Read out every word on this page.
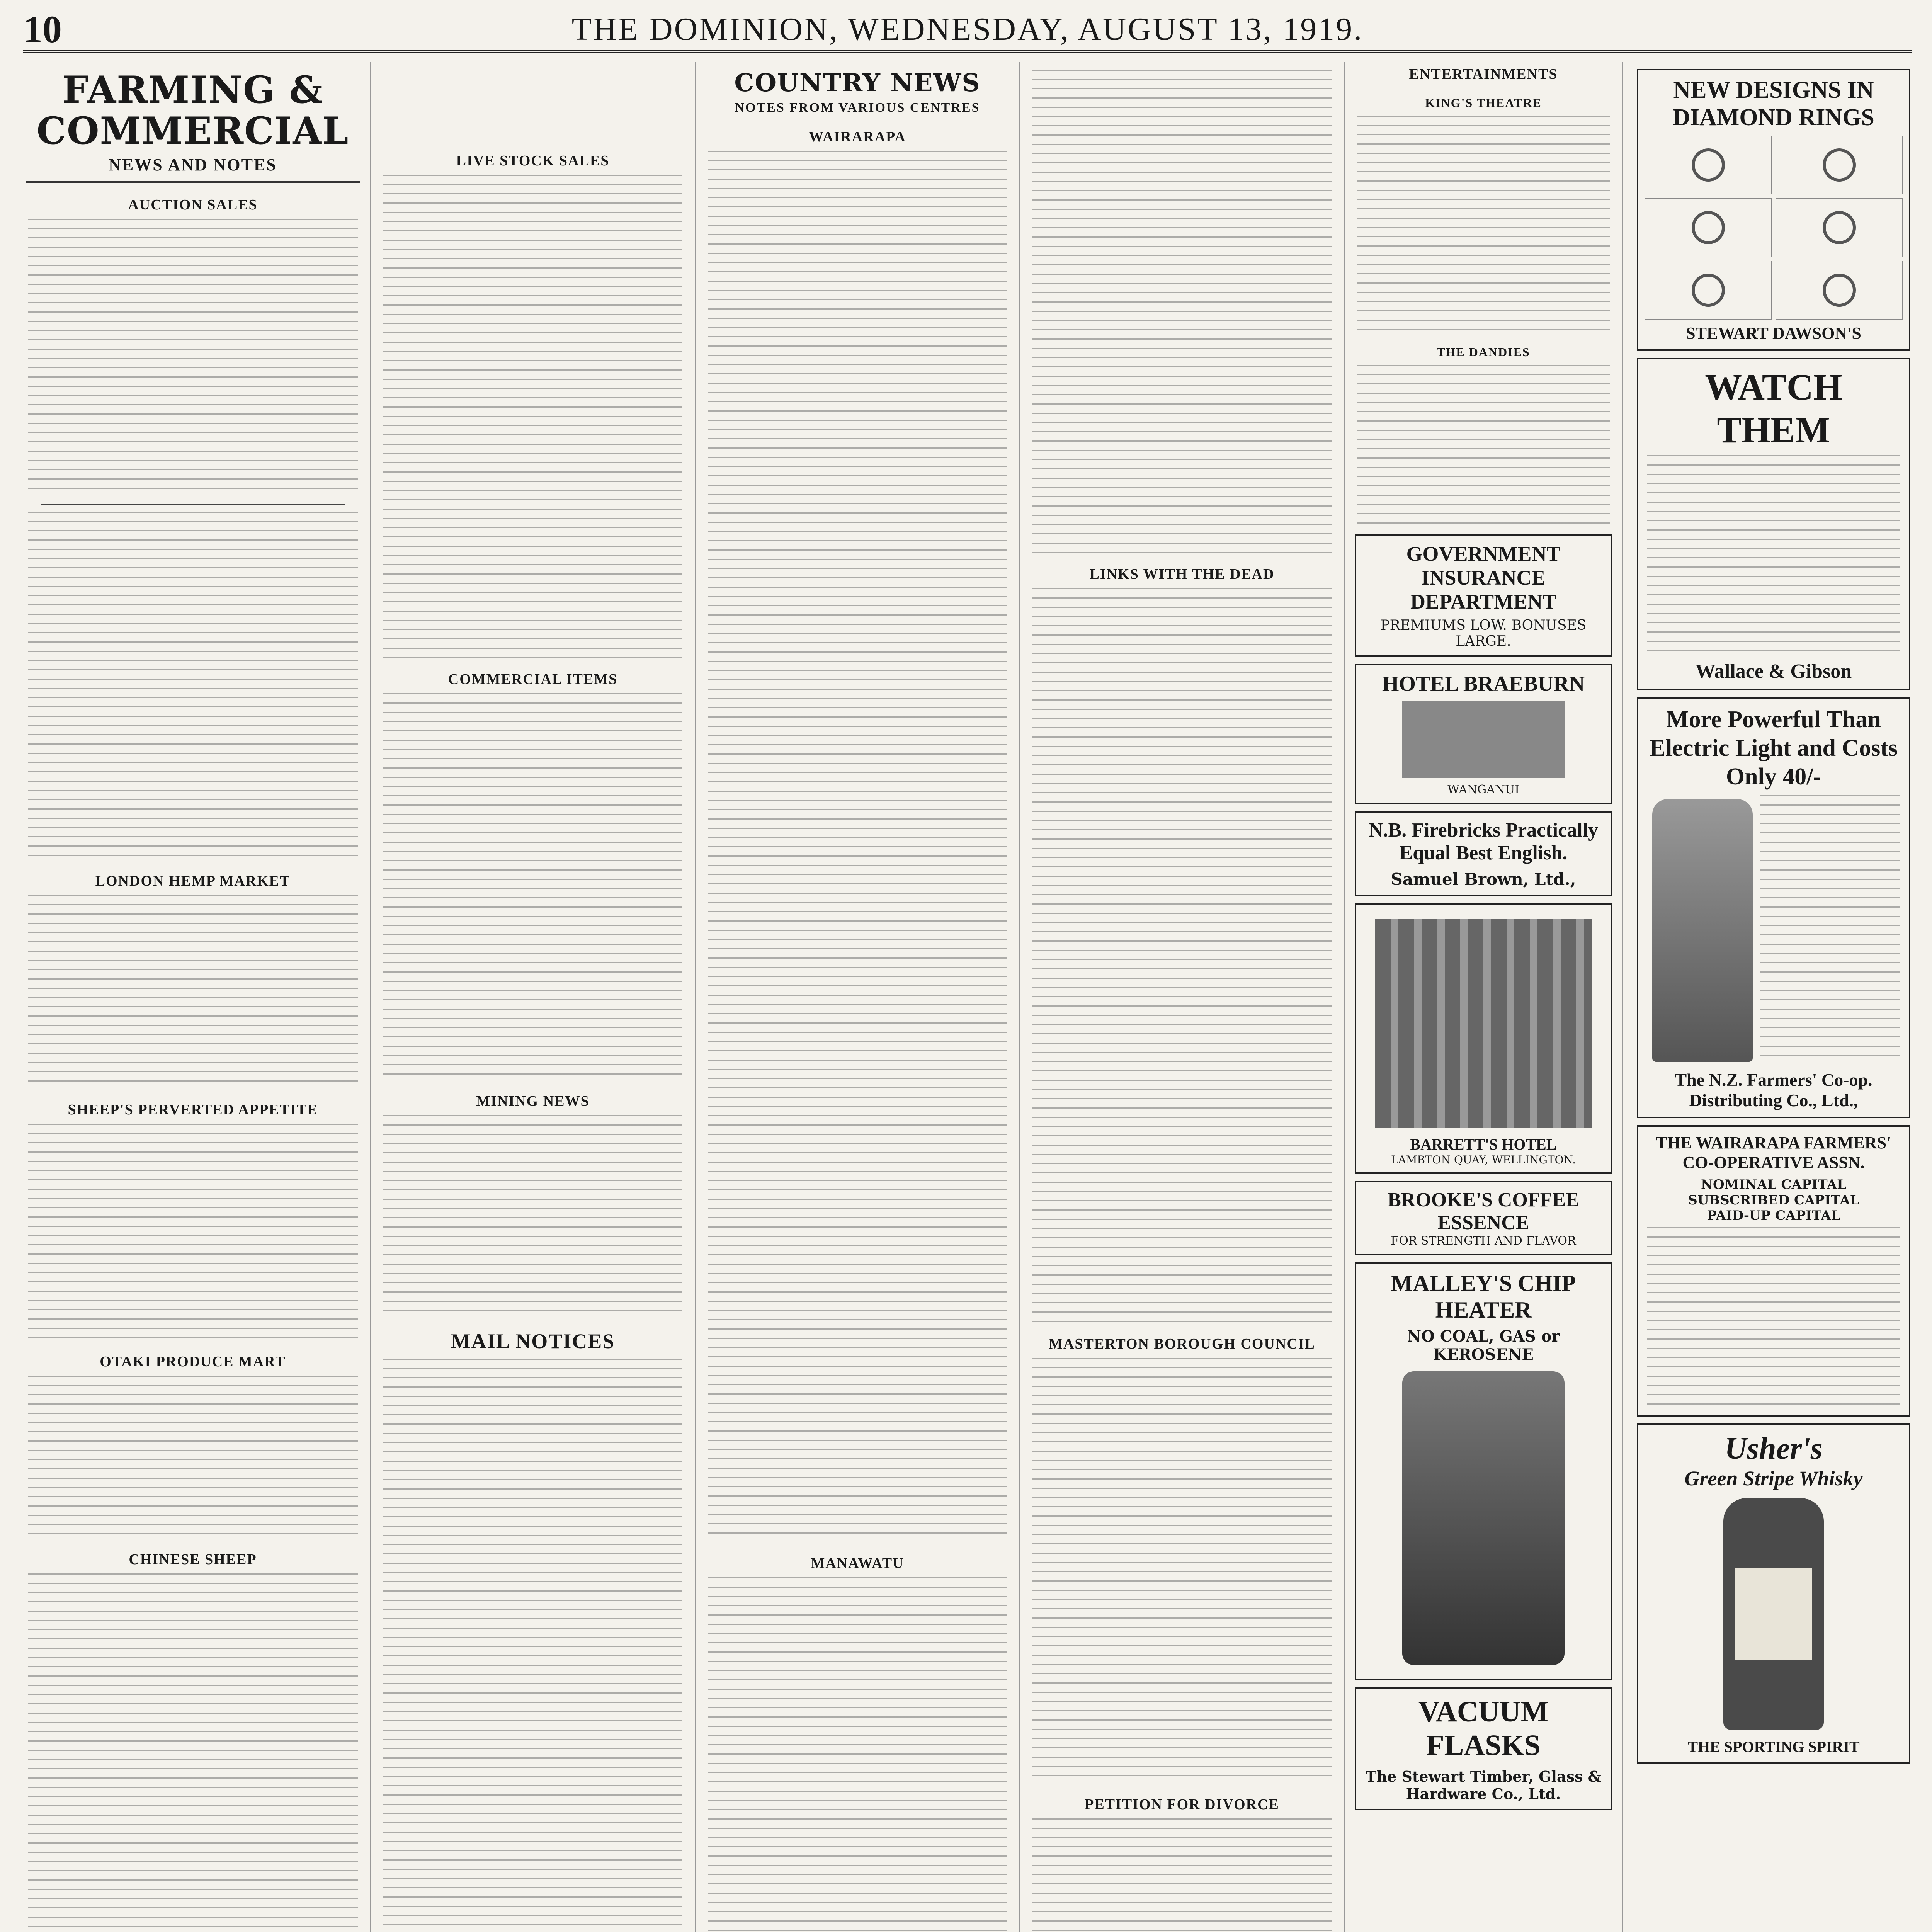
10	THE DOMINION, WEDNESDAY, AUGUST 13, 1919.
FARMING & COMMERCIAL
NEWS AND NOTES
AUCTION SALES
LONDON HEMP MARKET
SHEEP'S PERVERTED APPETITE
OTAKI PRODUCE MART
CHINESE SHEEP
LIVE STOCK SALES
COMMERCIAL ITEMS
MINING NEWS
MAIL NOTICES
COUNTRY NEWS
NOTES FROM VARIOUS CENTRES
WAIRARAPA
MANAWATU
LINKS WITH THE DEAD
MASTERTON BOROUGH COUNCIL
PETITION FOR DIVORCE
ENTERTAINMENTS
KING'S THEATRE
THE DANDIES
GOVERNMENT INSURANCE DEPARTMENT
PREMIUMS LOW. BONUSES LARGE.
HOTEL BRAEBURN
WANGANUI
N.B. Firebricks Practically Equal Best English.
Samuel Brown, Ltd.,
BARRETT'S HOTEL
LAMBTON QUAY, WELLINGTON.
BROOKE'S COFFEE ESSENCE
FOR STRENGTH AND FLAVOR
MALLEY'S CHIP HEATER
NO COAL, GAS or KEROSENE
VACUUM FLASKS
The Stewart Timber, Glass & Hardware Co., Ltd.
NEW DESIGNS IN DIAMOND RINGS
STEWART DAWSON'S
WATCH THEM
Wallace & Gibson
More Powerful Than Electric Light and Costs Only 40/-
The N.Z. Farmers' Co-op. Distributing Co., Ltd.,
THE WAIRARAPA FARMERS' CO-OPERATIVE ASSN.
NOMINAL CAPITAL
SUBSCRIBED CAPITAL
PAID-UP CAPITAL
Usher's
Green Stripe Whisky
THE SPORTING SPIRIT
